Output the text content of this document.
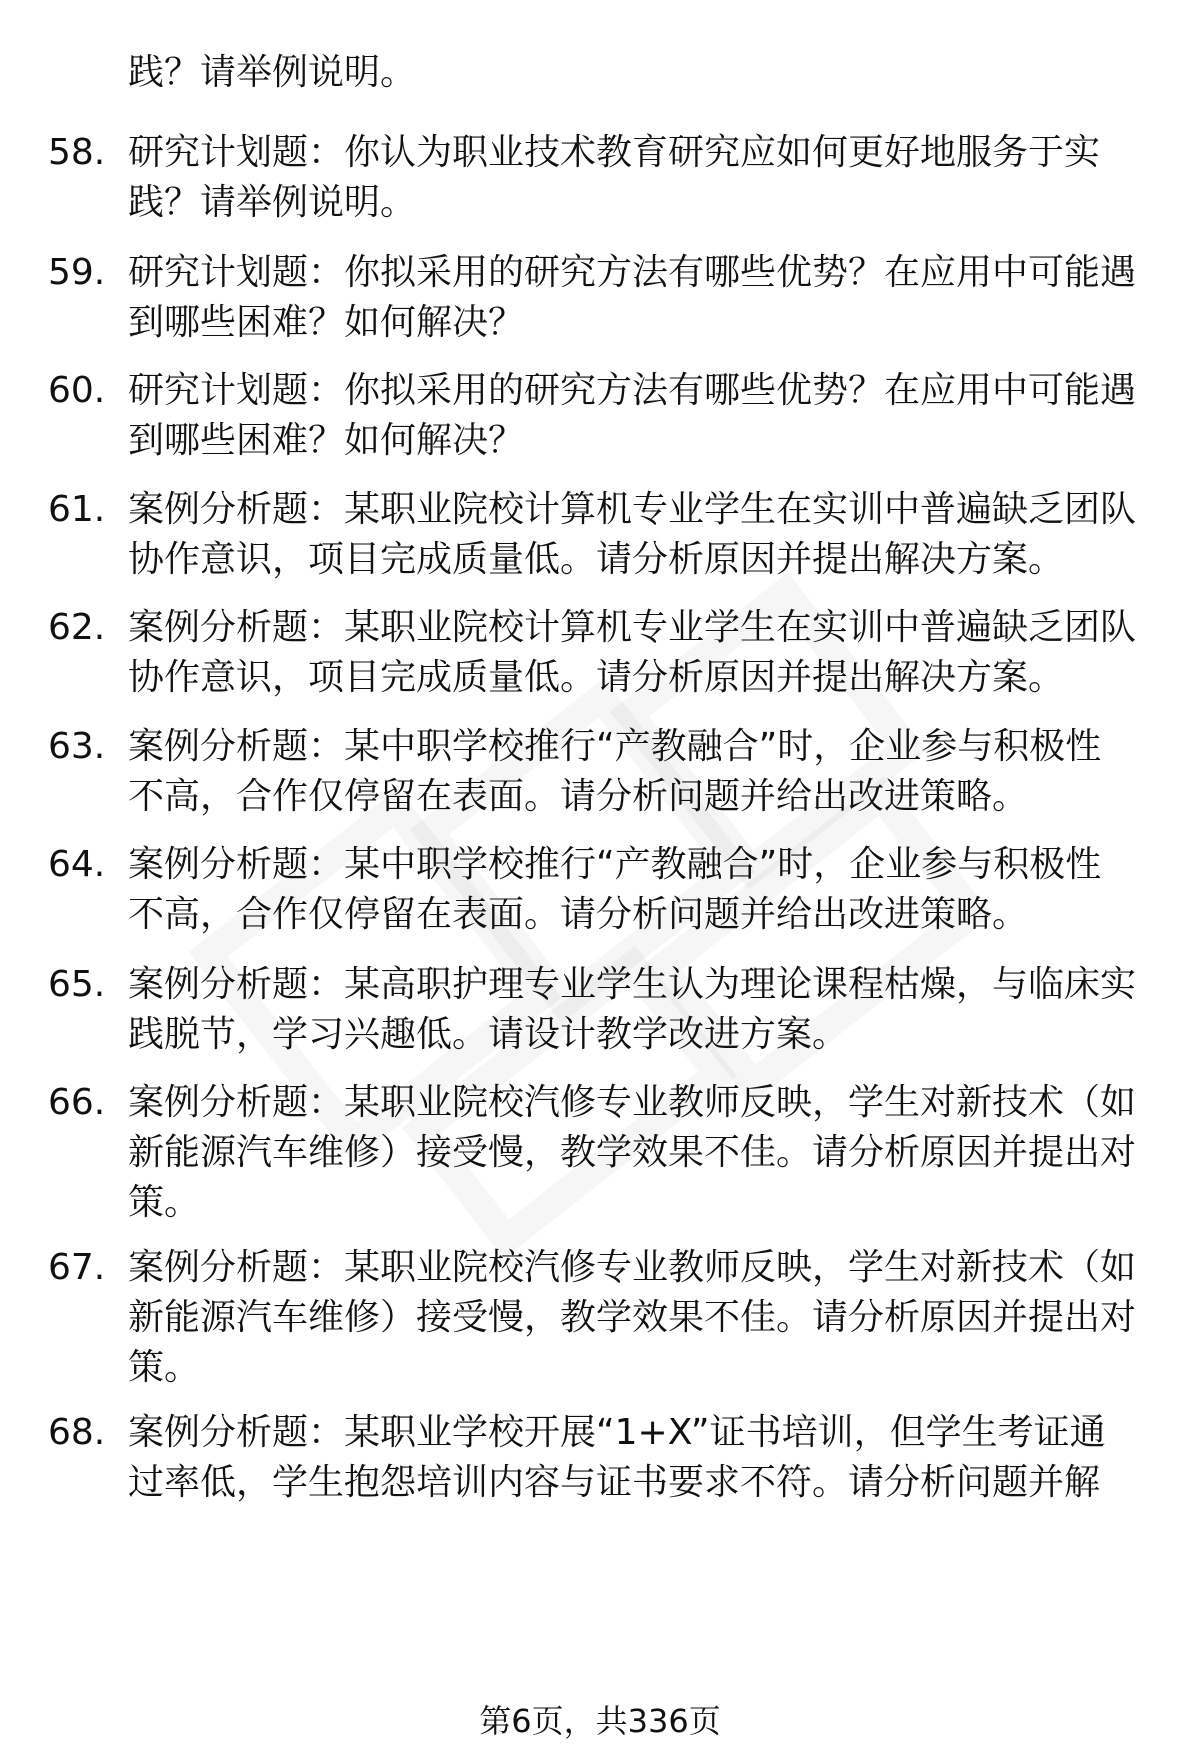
践？请举例说明。
58. 研究计划题：你认为职业技术教育研究应如何更好地服务于实
践？请举例说明。
59. 研究计划题：你拟采用的研究方法有哪些优势？在应用中可能遇
到哪些困难？如何解决？
60. 研究计划题：你拟采用的研究方法有哪些优势？在应用中可能遇
到哪些困难？如何解决？
61. 案例分析题：某职业院校计算机专业学生在实训中普遍缺乏团队
协作意识，项目完成质量低。请分析原因并提出解决方案。
62. 案例分析题：某职业院校计算机专业学生在实训中普遍缺乏团队
协作意识，项目完成质量低。请分析原因并提出解决方案。
63. 案例分析题：某中职学校推行“产教融合”时，企业参与积极性
不高，合作仅停留在表面。请分析问题并给出改进策略。
64. 案例分析题：某中职学校推行“产教融合”时，企业参与积极性
不高，合作仅停留在表面。请分析问题并给出改进策略。
65. 案例分析题：某高职护理专业学生认为理论课程枯燥，与临床实
践脱节，学习兴趣低。请设计教学改进方案。
66. 案例分析题：某职业院校汽修专业教师反映，学生对新技术（如
新能源汽车维修）接受慢，教学效果不佳。请分析原因并提出对
策。
67. 案例分析题：某职业院校汽修专业教师反映，学生对新技术（如
新能源汽车维修）接受慢，教学效果不佳。请分析原因并提出对
策。
68. 案例分析题：某职业学校开展“1+X”证书培训，但学生考证通
过率低，学生抱怨培训内容与证书要求不符。请分析问题并解
第6页，共336页
